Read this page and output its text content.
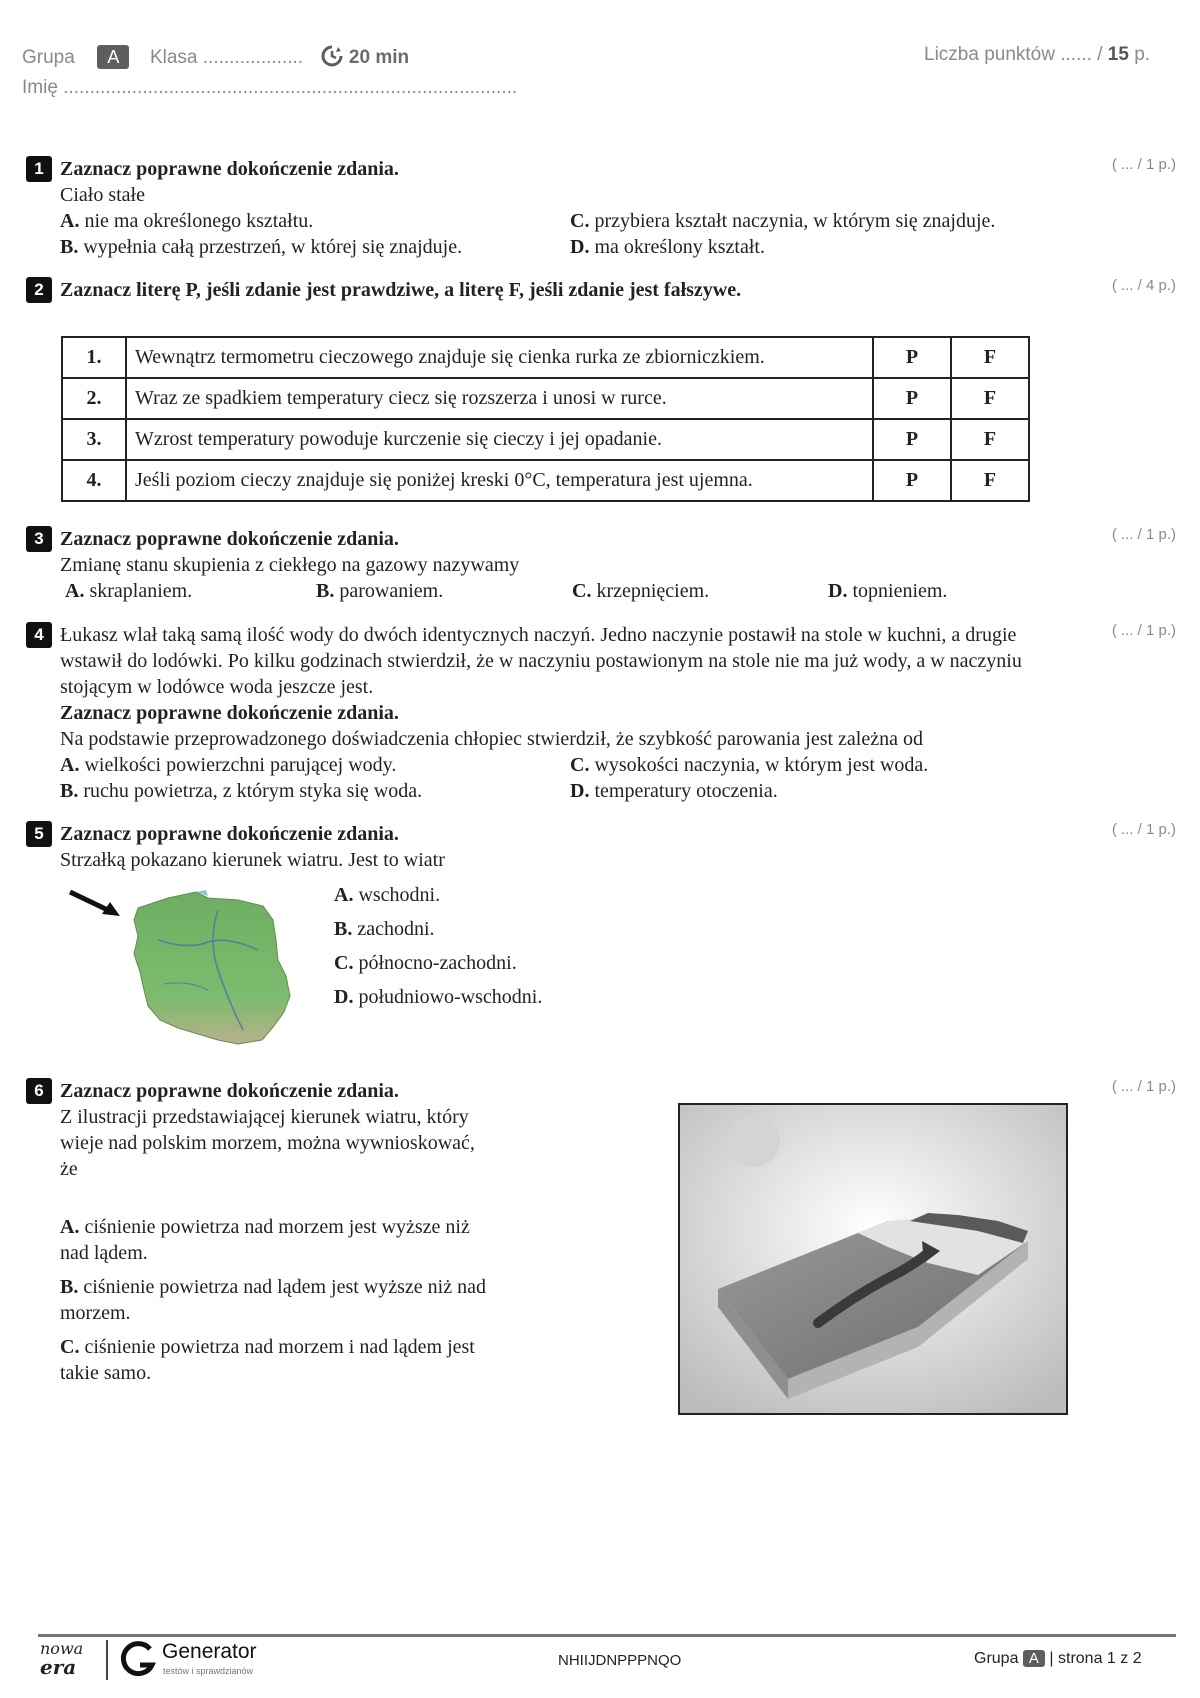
Grupa A Klasa ................... 20 min	Liczba punktów ...... / 15 p.
Imię ......................................................................................
1	( ... / 1 p.)
Zaznacz poprawne dokończenie zdania.
Ciało stałe
A. nie ma określonego kształtu.
B. wypełnia całą przestrzeń, w której się znajduje.
C. przybiera kształt naczynia, w którym się znajduje.
D. ma określony kształt.
2	( ... / 4 p.)
Zaznacz literę P, jeśli zdanie jest prawdziwe, a literę F, jeśli zdanie jest fałszywe.
1.	Wewnątrz termometru cieczowego znajduje się cienka rurka ze zbiorniczkiem.	P	F
2.	Wraz ze spadkiem temperatury ciecz się rozszerza i unosi w rurce.	P	F
3.	Wzrost temperatury powoduje kurczenie się cieczy i jej opadanie.	P	F
4.	Jeśli poziom cieczy znajduje się poniżej kreski 0°C, temperatura jest ujemna.	P	F
3	( ... / 1 p.)
Zaznacz poprawne dokończenie zdania.
Zmianę stanu skupienia z ciekłego na gazowy nazywamy
A. skraplaniem.	B. parowaniem.	C. krzepnięciem.	D. topnieniem.
4	( ... / 1 p.)
Łukasz wlał taką samą ilość wody do dwóch identycznych naczyń. Jedno naczynie postawił na stole w kuchni, a drugie wstawił do lodówki. Po kilku godzinach stwierdził, że w naczyniu postawionym na stole nie ma już wody, a w naczyniu stojącym w lodówce woda jeszcze jest.
Zaznacz poprawne dokończenie zdania.
Na podstawie przeprowadzonego doświadczenia chłopiec stwierdził, że szybkość parowania jest zależna od
A. wielkości powierzchni parującej wody.
B. ruchu powietrza, z którym styka się woda.
C. wysokości naczynia, w którym jest woda.
D. temperatury otoczenia.
5	( ... / 1 p.)
Zaznacz poprawne dokończenie zdania.
Strzałką pokazano kierunek wiatru. Jest to wiatr
A. wschodni.
B. zachodni.
C. północno-zachodni.
D. południowo-wschodni.
6	( ... / 1 p.)
Zaznacz poprawne dokończenie zdania.
Z ilustracji przedstawiającej kierunek wiatru, który wieje nad polskim morzem, można wywnioskować, że
A. ciśnienie powietrza nad morzem jest wyższe niż nad lądem.
B. ciśnienie powietrza nad lądem jest wyższe niż nad morzem.
C. ciśnienie powietrza nad morzem i nad lądem jest takie samo.
nowa
era
Generator
testów i sprawdzianów
NHIIJDNPPPNQO	Grupa A | strona 1 z 2
